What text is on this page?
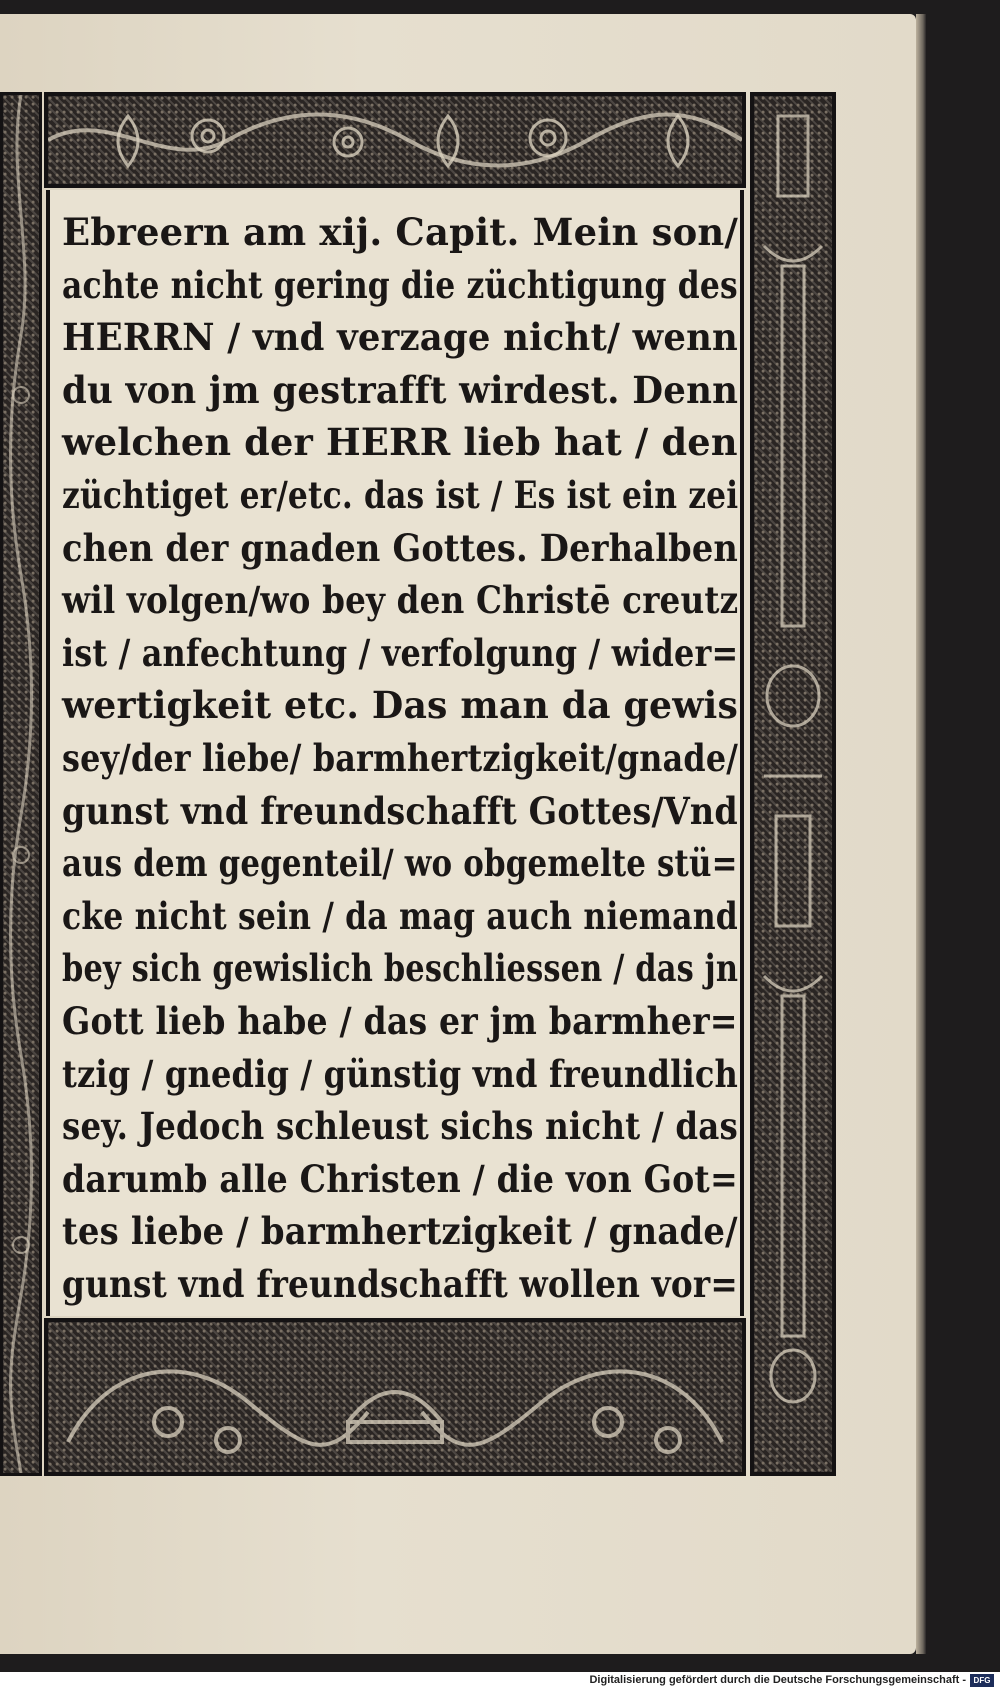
Ebreern am xij. Capit. Mein son/
achte nicht gering die züchtigung des
HERRN / vnd verzage nicht/ wenn
du von jm gestrafft wirdest. Denn
welchen der HERR lieb hat / den
züchtiget er/etc. das ist / Es ist ein zei
chen der gnaden Gottes. Derhalben
wil volgen/wo bey den Christē creutz
ist / anfechtung / verfolgung / wider=
wertigkeit etc. Das man da gewis
sey/der liebe/ barmhertzigkeit/gnade/
gunst vnd freundschafft Gottes/Vnd
aus dem gegenteil/ wo obgemelte stü=
cke nicht sein / da mag auch niemand
bey sich gewislich beschliessen / das jn
Gott lieb habe / das er jm barmher=
tzig / gnedig / günstig vnd freundlich
sey. Jedoch schleust sichs nicht / das
darumb alle Christen / die von Got=
tes liebe / barmhertzigkeit / gnade/
gunst vnd freundschafft wollen vor=
Digitalisierung gefördert durch die Deutsche Forschungsgemeinschaft - DFG
